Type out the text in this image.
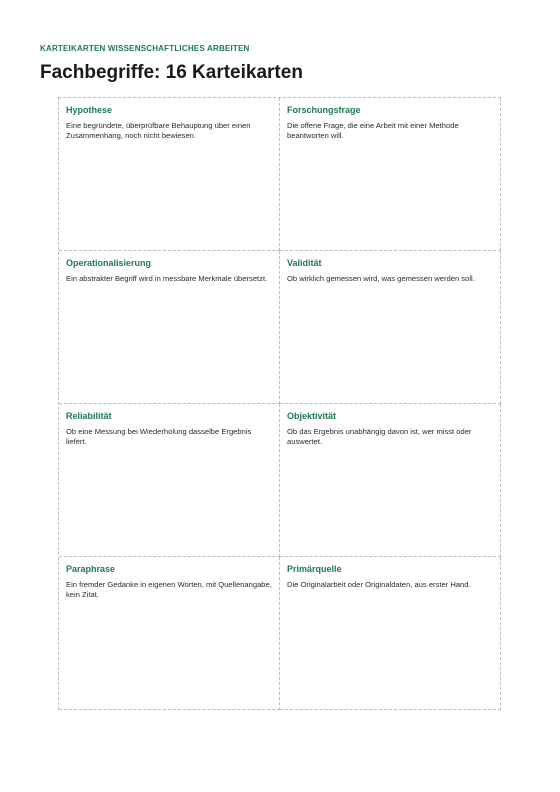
KARTEIKARTEN WISSENSCHAFTLICHES ARBEITEN
Fachbegriffe: 16 Karteikarten
Hypothese

Eine begründete, überprüfbare Behauptung über einen Zusammenhang, noch nicht bewiesen.

Forschungsfrage

Die offene Frage, die eine Arbeit mit einer Methode beantworten will.

Operationalisierung

Ein abstrakter Begriff wird in messbare Merkmale übersetzt.

Validität

Ob wirklich gemessen wird, was gemessen werden soll.

Reliabilität

Ob eine Messung bei Wiederholung dasselbe Ergebnis liefert.

Objektivität

Ob das Ergebnis unabhängig davon ist, wer misst oder auswertet.

Paraphrase

Ein fremder Gedanke in eigenen Worten, mit Quellenangabe, kein Zitat.

Primärquelle

Die Originalarbeit oder Originaldaten, aus erster Hand.
